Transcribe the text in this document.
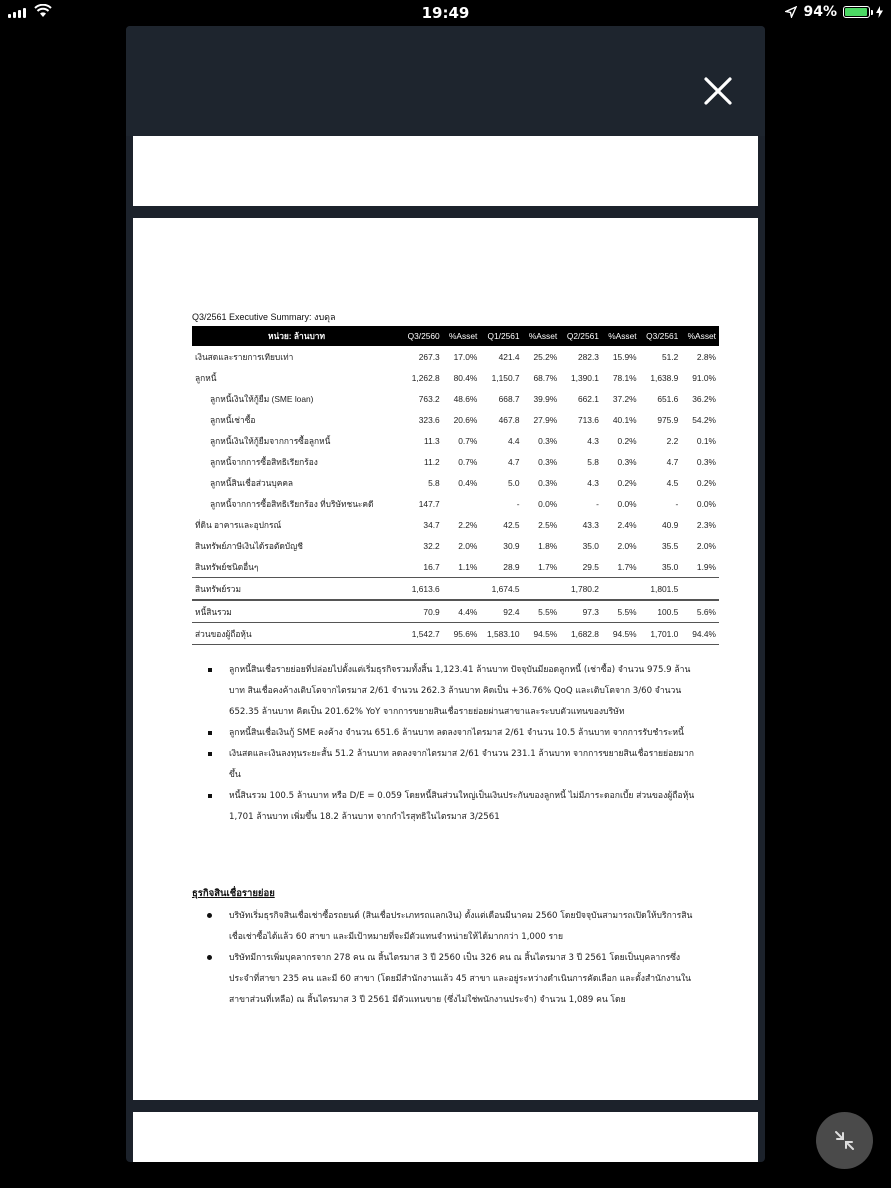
19:49	94%
Q3/2561 Executive Summary: งบดุล
หน่วย: ล้านบาท	Q3/2560	%Asset	Q1/2561	%Asset	Q2/2561	%Asset	Q3/2561	%Asset
เงินสดและรายการเทียบเท่า	267.3	17.0%	421.4	25.2%	282.3	15.9%	51.2	2.8%
ลูกหนี้	1,262.8	80.4%	1,150.7	68.7%	1,390.1	78.1%	1,638.9	91.0%
ลูกหนี้เงินให้กู้ยืม (SME loan)	763.2	48.6%	668.7	39.9%	662.1	37.2%	651.6	36.2%
ลูกหนี้เช่าซื้อ	323.6	20.6%	467.8	27.9%	713.6	40.1%	975.9	54.2%
ลูกหนี้เงินให้กู้ยืมจากการซื้อลูกหนี้	11.3	0.7%	4.4	0.3%	4.3	0.2%	2.2	0.1%
ลูกหนี้จากการซื้อสิทธิเรียกร้อง	11.2	0.7%	4.7	0.3%	5.8	0.3%	4.7	0.3%
ลูกหนี้สินเชื่อส่วนบุคคล	5.8	0.4%	5.0	0.3%	4.3	0.2%	4.5	0.2%
ลูกหนี้จากการซื้อสิทธิเรียกร้อง ที่บริษัทชนะคดี	147.7		-	0.0%	-	0.0%	-	0.0%
ที่ดิน อาคารและอุปกรณ์	34.7	2.2%	42.5	2.5%	43.3	2.4%	40.9	2.3%
สินทรัพย์ภาษีเงินได้รอตัดบัญชี	32.2	2.0%	30.9	1.8%	35.0	2.0%	35.5	2.0%
สินทรัพย์ชนิดอื่นๆ	16.7	1.1%	28.9	1.7%	29.5	1.7%	35.0	1.9%
สินทรัพย์รวม	1,613.6		1,674.5		1,780.2		1,801.5	
หนี้สินรวม	70.9	4.4%	92.4	5.5%	97.3	5.5%	100.5	5.6%
ส่วนของผู้ถือหุ้น	1,542.7	95.6%	1,583.10	94.5%	1,682.8	94.5%	1,701.0	94.4%

ลูกหนี้สินเชื่อรายย่อยที่ปล่อยไปตั้งแต่เริ่มธุรกิจรวมทั้งสิ้น 1,123.41 ล้านบาท ปัจจุบันมียอดลูกหนี้ (เช่าซื้อ) จำนวน 975.9 ล้านบาท สินเชื่อคงค้างเติบโตจากไตรมาส 2/61 จำนวน 262.3 ล้านบาท คิดเป็น +36.76% QoQ และเติบโตจาก 3/60 จำนวน 652.35 ล้านบาท คิดเป็น 201.62% YoY จากการขยายสินเชื่อรายย่อยผ่านสาขาและระบบตัวแทนของบริษัท

ลูกหนี้สินเชื่อเงินกู้ SME คงค้าง จำนวน 651.6 ล้านบาท ลดลงจากไตรมาส 2/61 จำนวน 10.5 ล้านบาท จากการรับชำระหนี้

เงินสดและเงินลงทุนระยะสั้น 51.2 ล้านบาท ลดลงจากไตรมาส 2/61 จำนวน 231.1 ล้านบาท จากการขยายสินเชื่อรายย่อยมากขึ้น

หนี้สินรวม 100.5 ล้านบาท หรือ D/E = 0.059 โดยหนี้สินส่วนใหญ่เป็นเงินประกันของลูกหนี้ ไม่มีภาระดอกเบี้ย ส่วนของผู้ถือหุ้น 1,701 ล้านบาท เพิ่มขึ้น 18.2 ล้านบาท จากกำไรสุทธิในไตรมาส 3/2561

ธุรกิจสินเชื่อรายย่อย
บริษัทเริ่มธุรกิจสินเชื่อเช่าซื้อรถยนต์ (สินเชื่อประเภทรถแลกเงิน) ตั้งแต่เดือนมีนาคม 2560 โดยปัจจุบันสามารถเปิดให้บริการสินเชื่อเช่าซื้อได้แล้ว 60 สาขา และมีเป้าหมายที่จะมีตัวแทนจำหน่ายให้ได้มากกว่า 1,000 ราย
บริษัทมีการเพิ่มบุคลากรจาก 278 คน ณ สิ้นไตรมาส 3 ปี 2560 เป็น 326 คน ณ สิ้นไตรมาส 3 ปี 2561 โดยเป็นบุคลากรซึ่งประจำที่สาขา 235 คน และมี 60 สาขา (โดยมีสำนักงานแล้ว 45 สาขา และอยู่ระหว่างดำเนินการคัดเลือก และตั้งสำนักงานในสาขาส่วนที่เหลือ) ณ สิ้นไตรมาส 3 ปี 2561 มีตัวแทนขาย (ซึ่งไม่ใช่พนักงานประจำ) จำนวน 1,089 คน โดย
